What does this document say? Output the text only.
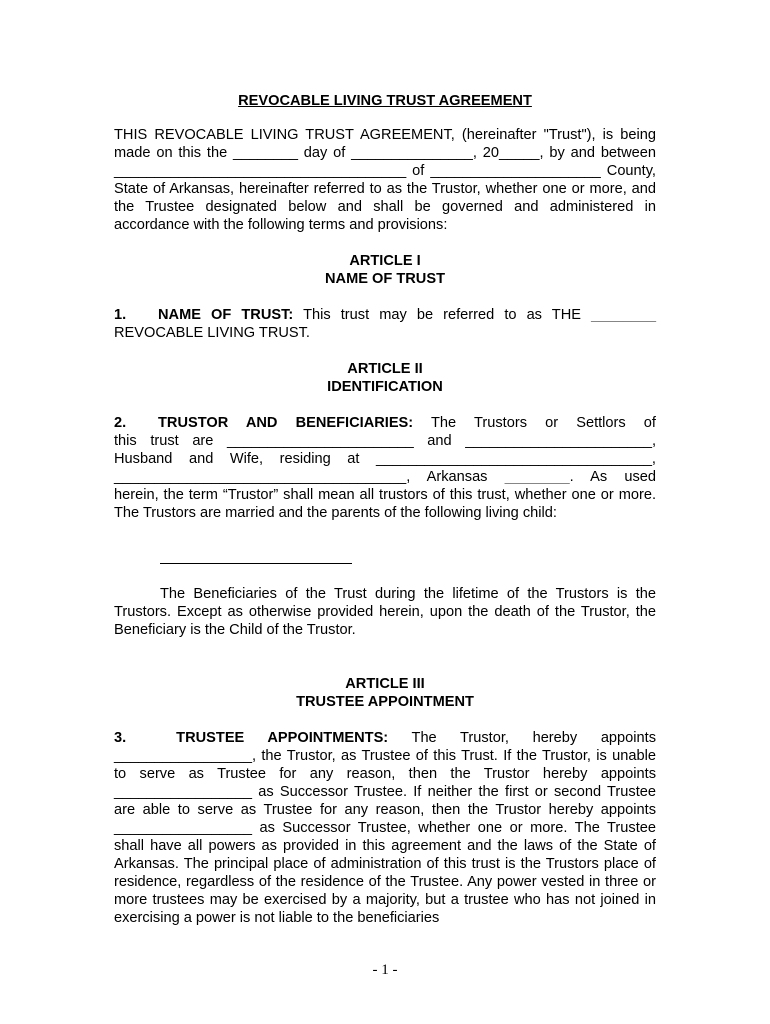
REVOCABLE LIVING TRUST AGREEMENT

THIS REVOCABLE LIVING TRUST AGREEMENT, (hereinafter "Trust"), is being

made on this the ________ day of _______________, 20_____, by and between

____________________________________ of _____________________ County,

State of Arkansas, hereinafter referred to as the Trustor, whether one or more, and the Trustee designated below and shall be governed and administered in accordance with the following terms and provisions:

ARTICLE I

NAME OF TRUST

1. NAME OF TRUST: This trust may be referred to as THE ________

REVOCABLE LIVING TRUST.

ARTICLE II

IDENTIFICATION

2. TRUSTOR AND BENEFICIARIES: The Trustors or Settlors of

this trust are _______________________ and _______________________,

Husband and Wife, residing at __________________________________,

____________________________________, Arkansas ________. As used

herein, the term “Trustor” shall mean all trustors of this trust, whether one or more. The Trustors are married and the parents of the following living child:

The Beneficiaries of the Trust during the lifetime of the Trustors is the Trustors. Except as otherwise provided herein, upon the death of the Trustor, the Beneficiary is the Child of the Trustor.

ARTICLE III

TRUSTEE APPOINTMENT

3.	TRUSTEE APPOINTMENTS: The Trustor, hereby appoints _________________, the Trustor, as Trustee of this Trust. If the Trustor, is unable to serve as Trustee for any reason, then the Trustor hereby appoints _________________ as Successor Trustee. If neither the first or second Trustee are able to serve as Trustee for any reason, then the Trustor hereby appoints _________________ as Successor Trustee, whether one or more. The Trustee shall have all powers as provided in this agreement and the laws of the State of Arkansas. The principal place of administration of this trust is the Trustors place of residence, regardless of the residence of the Trustee. Any power vested in three or more trustees may be exercised by a majority, but a trustee who has not joined in exercising a power is not liable to the beneficiaries

- 1 -
